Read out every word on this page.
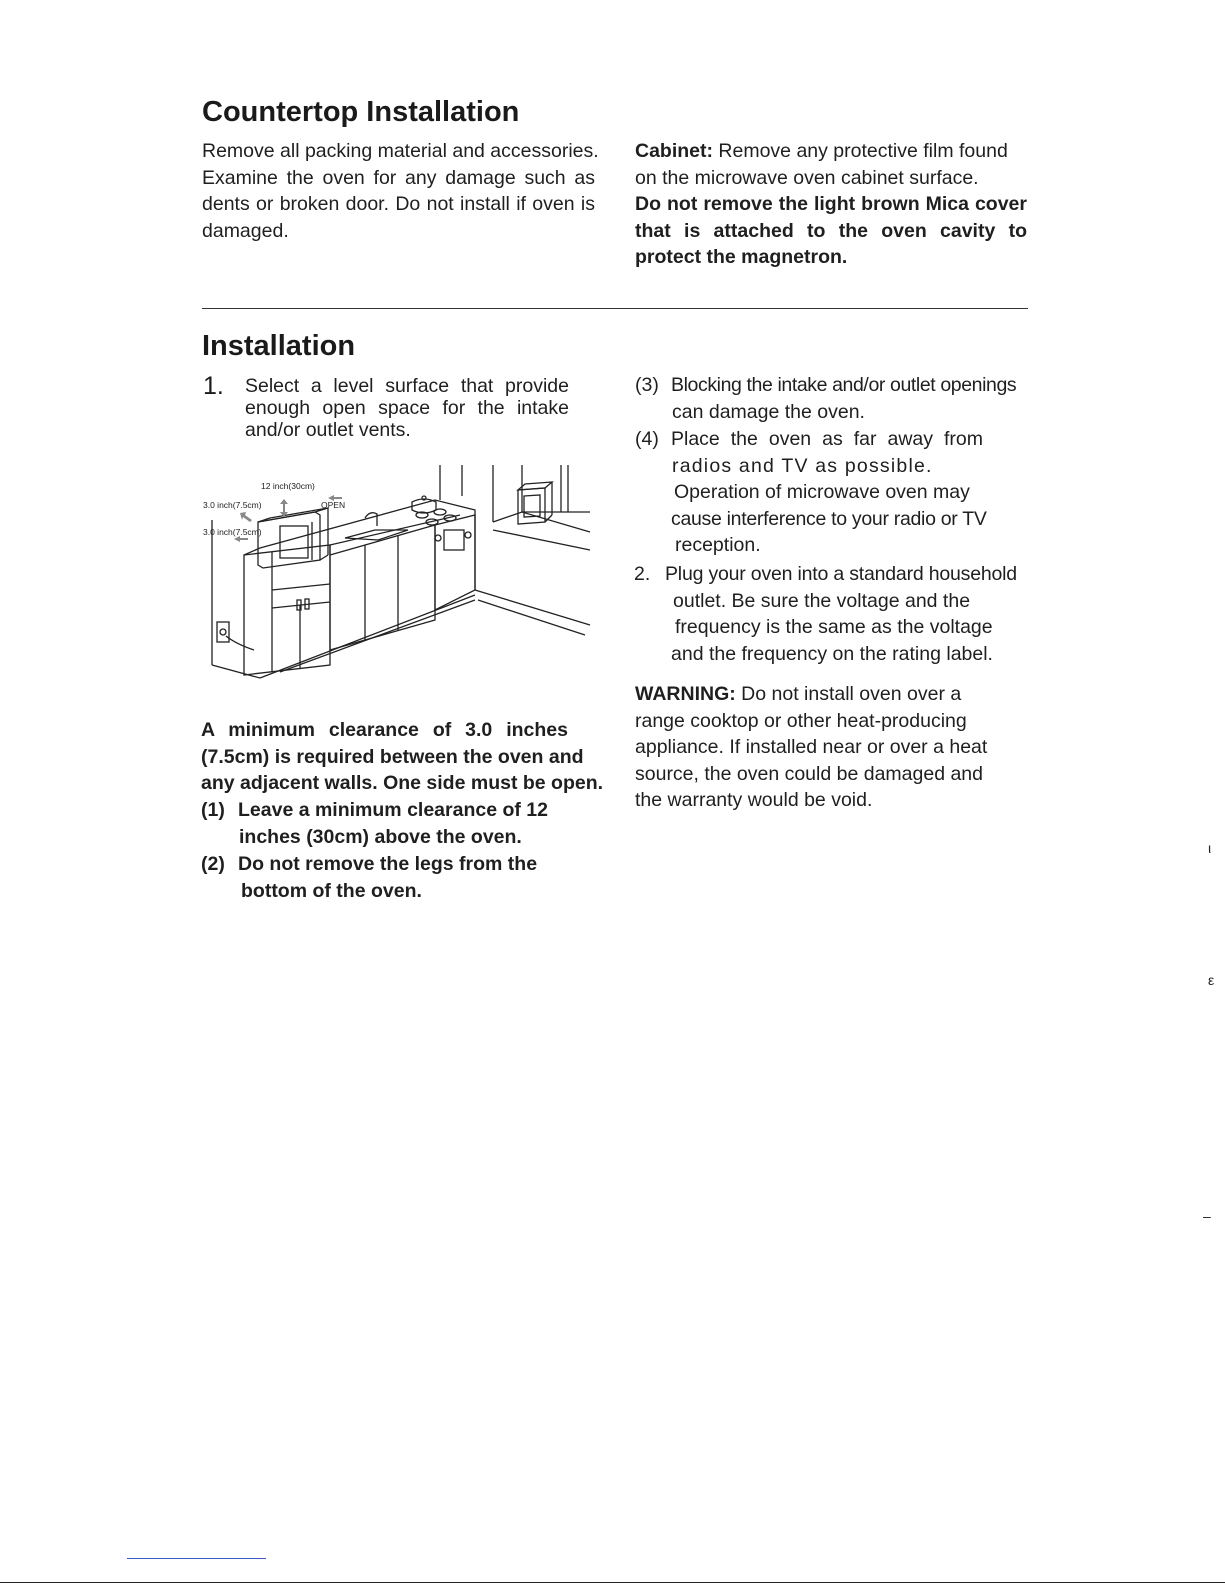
Countertop Installation
Remove all packing material and accessories.
Examine the oven for any damage such as
dents or broken door. Do not install if oven is
damaged.
Cabinet: Remove any protective film found
on the microwave oven cabinet surface.
Do not remove the light brown Mica cover
that is attached to the oven cavity to
protect the magnetron.
Installation
1. Select a level surface that provide
enough open space for the intake
and/or outlet vents.
12 inch(30cm)
3.0 inch(7.5cm)
3.0 inch(7.5cm)
OPEN
A minimum clearance of 3.0 inches
(7.5cm) is required between the oven and
any adjacent walls. One side must be open.
(1) Leave a minimum clearance of 12
inches (30cm) above the oven.
(2) Do not remove the legs from the
bottom of the oven.
(3) Blocking the intake and/or outlet openings
can damage the oven.
(4) Place the oven as far away from
radios and TV as possible.
Operation of microwave oven may
cause interference to your radio or TV
reception.
2. Plug your oven into a standard household
outlet. Be sure the voltage and the
frequency is the same as the voltage
and the frequency on the rating label.
WARNING: Do not install oven over a
range cooktop or other heat-producing
appliance. If installed near or over a heat
source, the oven could be damaged and
the warranty would be void.
ι
ε
–
